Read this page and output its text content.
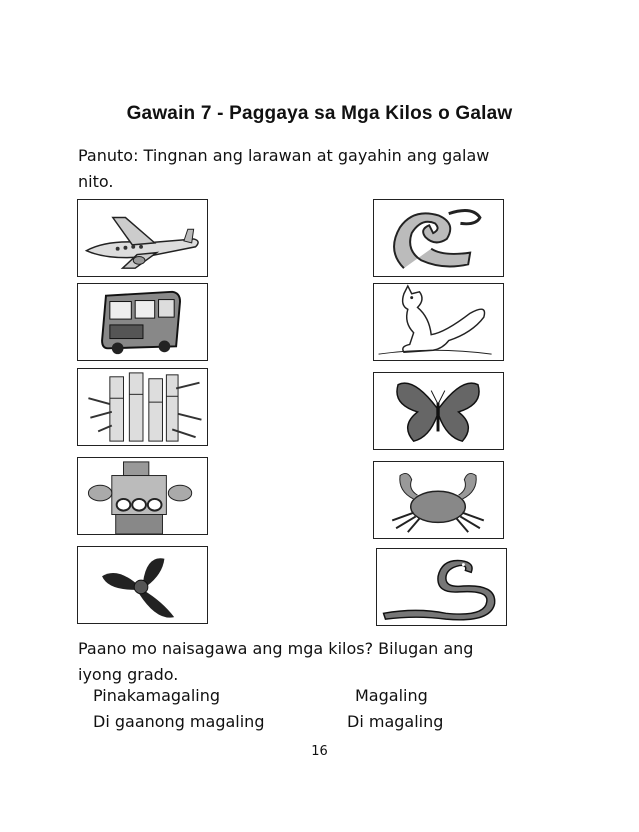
Gawain 7 - Paggaya sa Mga Kilos o Galaw
Panuto: Tingnan ang larawan at gayahin ang galaw nito.
Paano mo naisagawa ang mga kilos? Bilugan ang iyong grado.
Pinakamagaling	Magaling
Di gaanong magaling	Di magaling
16
